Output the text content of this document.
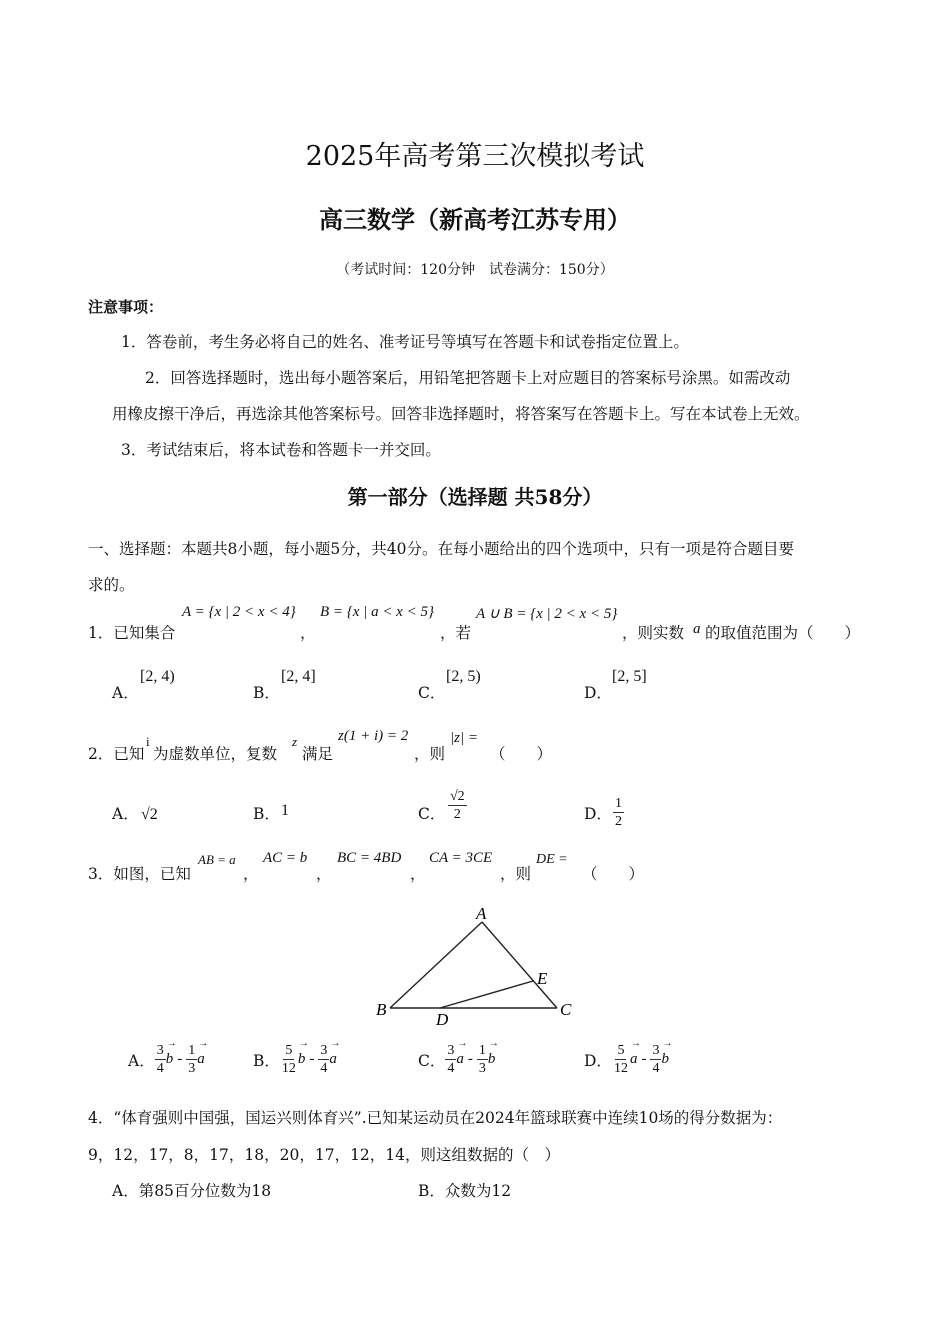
2025年高考第三次模拟考试
高三数学（新高考江苏专用）
（考试时间：120分钟　试卷满分：150分）
注意事项：
1．答卷前，考生务必将自己的姓名、准考证号等填写在答题卡和试卷指定位置上。
2．回答选择题时，选出每小题答案后，用铅笔把答题卡上对应题目的答案标号涂黑。如需改动
用橡皮擦干净后，再选涂其他答案标号。回答非选择题时，将答案写在答题卡上。写在本试卷上无效。
3．考试结束后，将本试卷和答题卡一并交回。
第一部分（选择题 共58分）
一、选择题：本题共8小题，每小题5分，共40分。在每小题给出的四个选项中，只有一项是符合题目要
求的。
1．已知集合
A = {x | 2 < x < 4}
，
B = {x | a < x < 5}
，若
A ∪ B = {x | 2 < x < 5}
，则实数 a 的取值范围为（　　）
A．
[2, 4)
B．
[2, 4]
C．
[2, 5)
D．
[2, 5]
2．已知
i
为虚数单位，复数
z
满足
z(1 + i) = 2
，则
|z| =
（　　）
A． √2	B． 1	C． $\frac{√2}{2}$	D． $\frac{1}{2}$
3．如图，已知
AB = a
，
AC = b
，
BC = 4BD
，
CA = 3CE
，则
DE =
（　　）
A
B	C
D
E
A． $\frac{3}{4}$
→ b - $\frac{1}{3}$
→ a	B． $\frac{5}{12}$
→ b - $\frac{3}{4}$
→ a	C． $\frac{3}{4}$
→ a - $\frac{1}{3}$
→ b	D． $\frac{5}{12}$
→ a - $\frac{3}{4}$
→ b
4．“体育强则中国强，国运兴则体育兴”.已知某运动员在2024年篮球联赛中连续10场的得分数据为：
9，12，17，8，17，18，20，17，12，14，则这组数据的（　）
A．第85百分位数为18	B．众数为12
